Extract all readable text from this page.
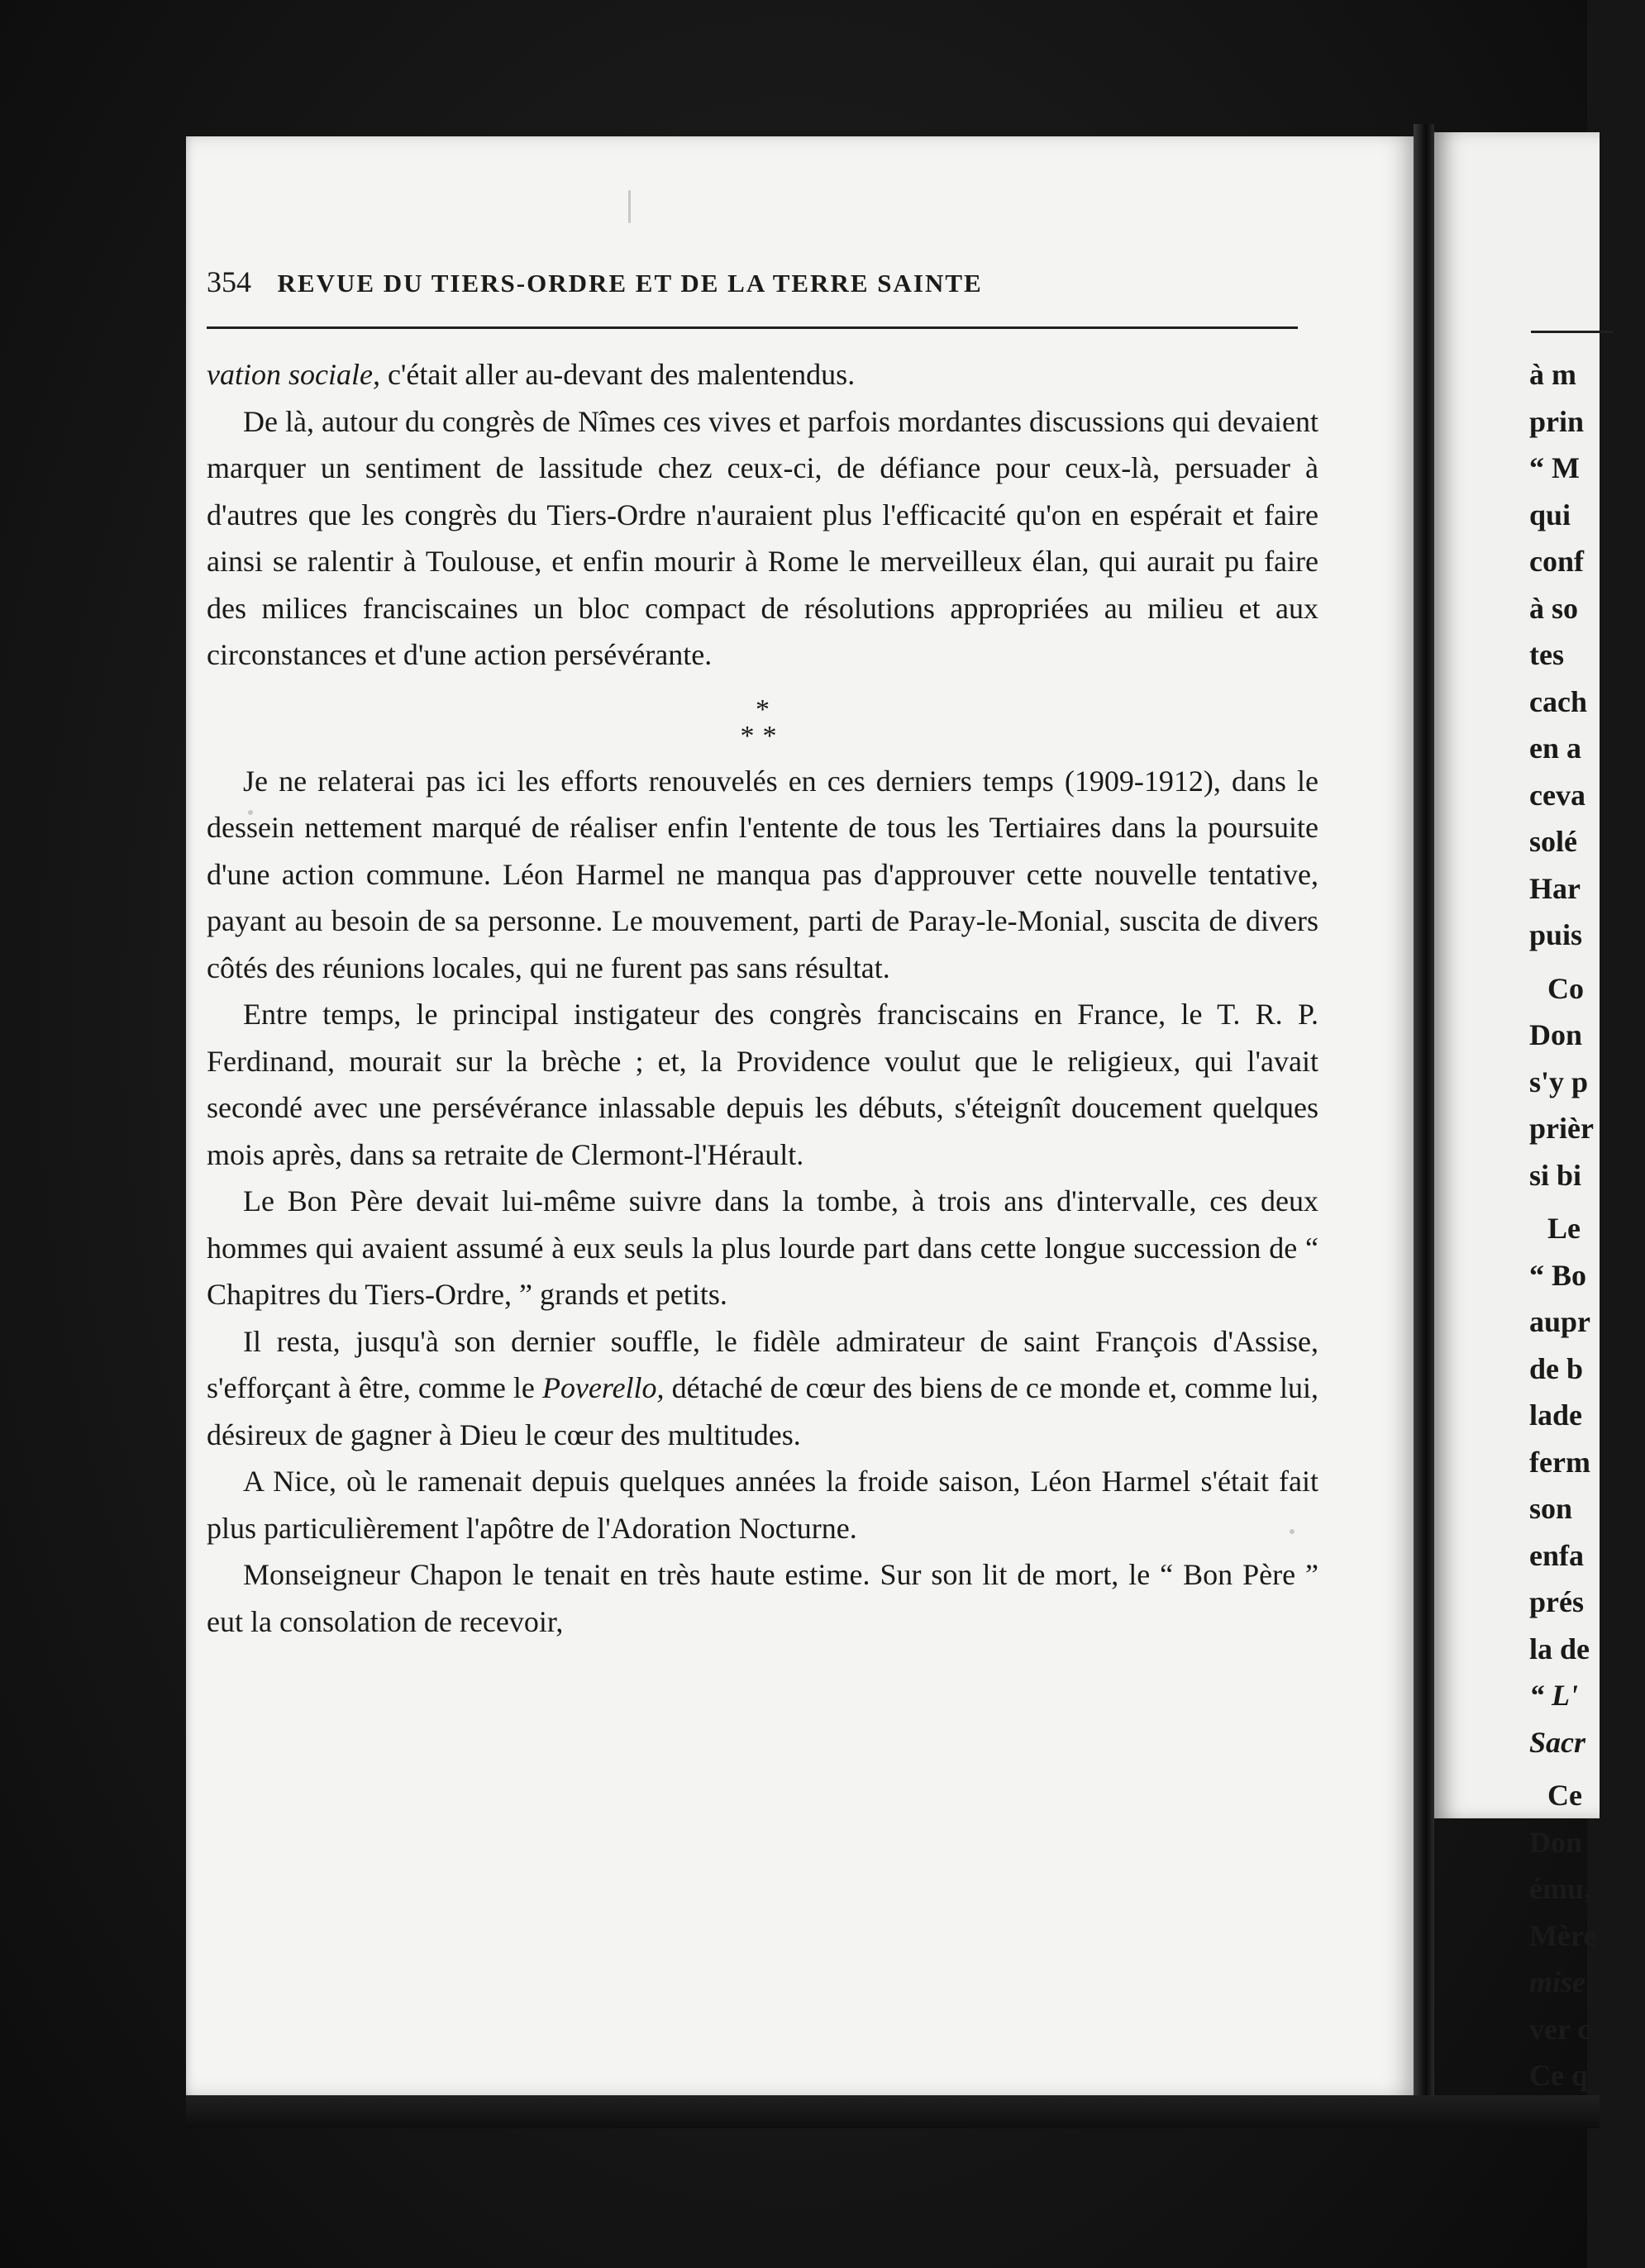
354 REVUE DU TIERS-ORDRE ET DE LA TERRE SAINTE

vation sociale, c'était aller au-devant des malentendus.

De là, autour du congrès de Nîmes ces vives et parfois mordantes discussions qui devaient marquer un sentiment de lassitude chez ceux-ci, de défiance pour ceux-là, persuader à d'autres que les congrès du Tiers-Ordre n'auraient plus l'efficacité qu'on en espérait et faire ainsi se ralentir à Toulouse, et enfin mourir à Rome le merveilleux élan, qui aurait pu faire des milices franciscaines un bloc compact de résolutions appropriées au milieu et aux circonstances et d'une action persévérante.

*
**

Je ne relaterai pas ici les efforts renouvelés en ces derniers temps (1909-1912), dans le dessein nettement marqué de réaliser enfin l'entente de tous les Tertiaires dans la poursuite d'une action commune. Léon Harmel ne manqua pas d'approuver cette nouvelle tentative, payant au besoin de sa personne. Le mouvement, parti de Paray-le-Monial, suscita de divers côtés des réunions locales, qui ne furent pas sans résultat.

Entre temps, le principal instigateur des congrès franciscains en France, le T. R. P. Ferdinand, mourait sur la brèche ; et, la Providence voulut que le religieux, qui l'avait secondé avec une persévérance inlassable depuis les débuts, s'éteignît doucement quelques mois après, dans sa retraite de Clermont-l'Hérault.

Le Bon Père devait lui-même suivre dans la tombe, à trois ans d'intervalle, ces deux hommes qui avaient assumé à eux seuls la plus lourde part dans cette longue succession de “ Chapitres du Tiers-Ordre, ” grands et petits.

Il resta, jusqu'à son dernier souffle, le fidèle admirateur de saint François d'Assise, s'efforçant à être, comme le Poverello, détaché de cœur des biens de ce monde et, comme lui, désireux de gagner à Dieu le cœur des multitudes.

A Nice, où le ramenait depuis quelques années la froide saison, Léon Harmel s'était fait plus particulièrement l'apôtre de l'Adoration Nocturne.

Monseigneur Chapon le tenait en très haute estime. Sur son lit de mort, le “ Bon Père ” eut la consolation de recevoir,

à m
prin
“ M
qui
conf
à so
tes
cach
en a
ceva
solé
Har
puis
Co
Don
s'y p
prièr
si bi
Le
“ Bo
aupr
de b
lade
ferm
son
enfa
prés
la de
“ L'
Sacr
Ce
Don
ému,
Mère
mise
ver c
Ce q
